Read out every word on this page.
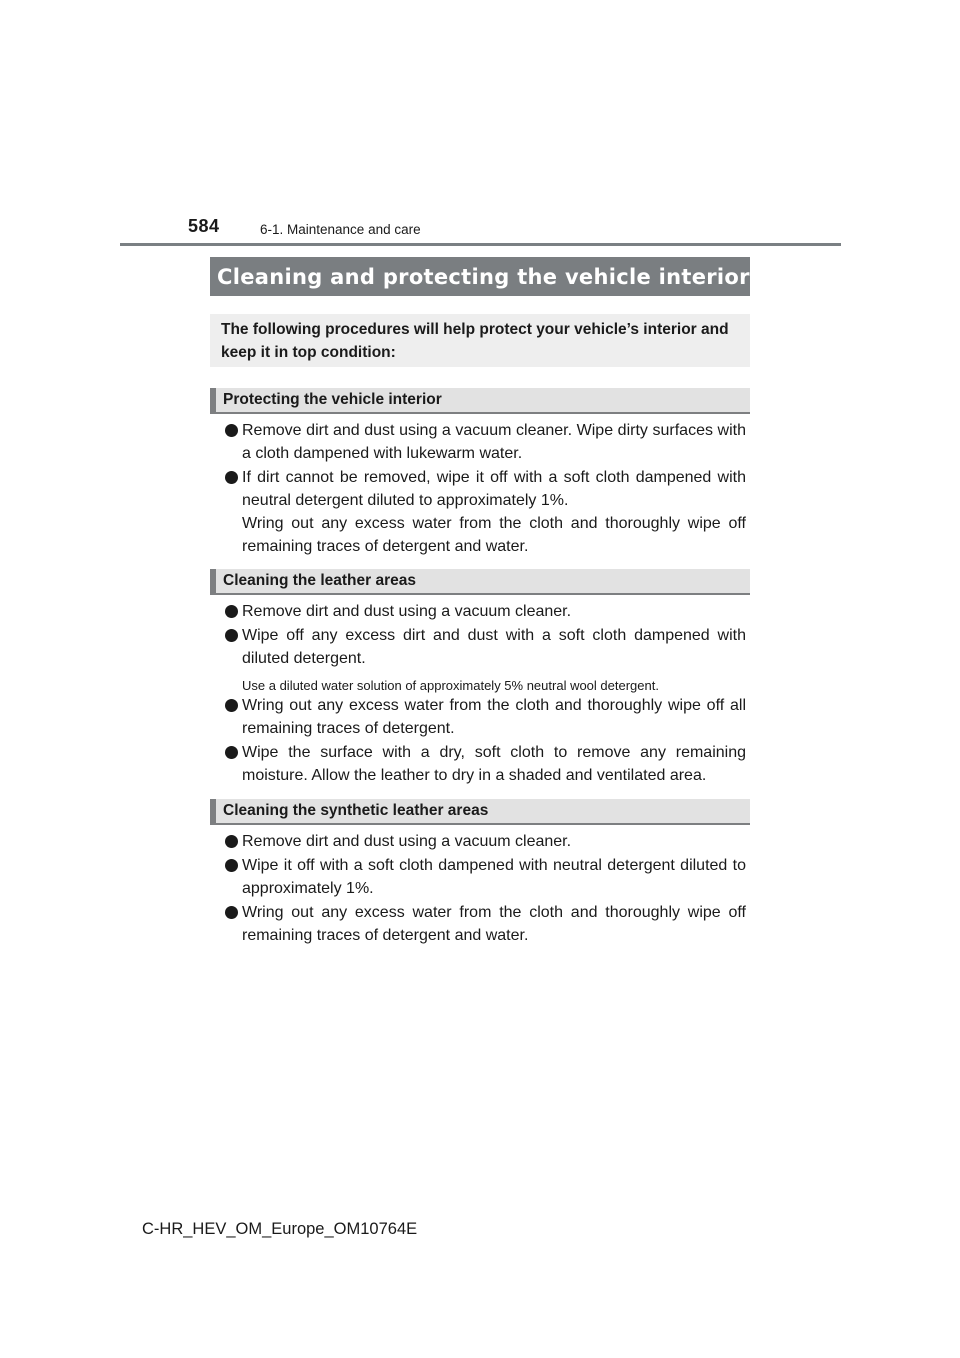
584	6-1. Maintenance and care
Cleaning and protecting the vehicle interior
The following procedures will help protect your vehicle’s interior and keep it in top condition:
Protecting the vehicle interior
Remove dirt and dust using a vacuum cleaner. Wipe dirty surfaces with a cloth dampened with lukewarm water.
If dirt cannot be removed, wipe it off with a soft cloth dampened with neutral detergent diluted to approximately 1%.
Wring out any excess water from the cloth and thoroughly wipe off remaining traces of detergent and water.
Cleaning the leather areas
Remove dirt and dust using a vacuum cleaner.
Wipe off any excess dirt and dust with a soft cloth dampened with diluted detergent.
Use a diluted water solution of approximately 5% neutral wool detergent.
Wring out any excess water from the cloth and thoroughly wipe off all remaining traces of detergent.
Wipe the surface with a dry, soft cloth to remove any remaining moisture. Allow the leather to dry in a shaded and ventilated area.
Cleaning the synthetic leather areas
Remove dirt and dust using a vacuum cleaner.
Wipe it off with a soft cloth dampened with neutral detergent diluted to approximately 1%.
Wring out any excess water from the cloth and thoroughly wipe off remaining traces of detergent and water.
C-HR_HEV_OM_Europe_OM10764E
